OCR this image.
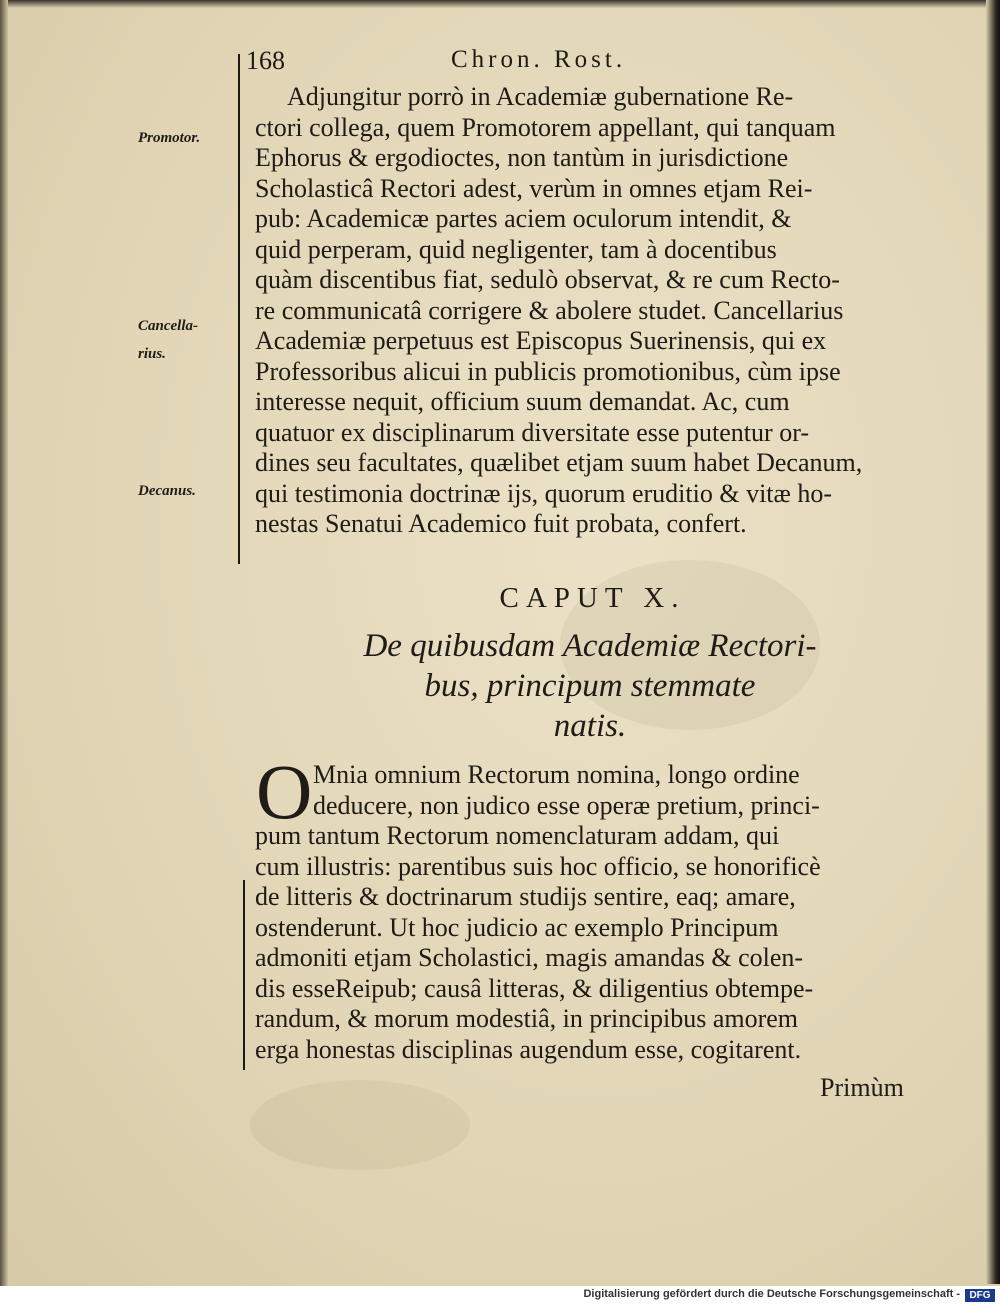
168	Chron. Rost.
Promotor.
Cancella-
rius.
Decanus.
Adjungitur porrò in Academiæ gubernatione Re-
ctori collega, quem Promotorem appellant, qui tanquam
Ephorus & ergodioctes, non tantùm in jurisdictione
Scholasticâ Rectori adest, verùm in omnes etjam Rei-
pub: Academicæ partes aciem oculorum intendit, &
quid perperam, quid negligenter, tam à docentibus
quàm discentibus fiat, sedulò observat, & re cum Recto-
re communicatâ corrigere & abolere studet. Cancellarius
Academiæ perpetuus est Episcopus Suerinensis, qui ex
Professoribus alicui in publicis promotionibus, cùm ipse
interesse nequit, officium suum demandat. Ac, cum
quatuor ex disciplinarum diversitate esse putentur or-
dines seu facultates, quælibet etjam suum habet Decanum,
qui testimonia doctrinæ ijs, quorum eruditio & vitæ ho-
nestas Senatui Academico fuit probata, confert.
CAPUT X.
De quibusdam Academiæ Rectori-
bus, principum stemmate
natis.
O Mnia omnium Rectorum nomina, longo ordine
deducere, non judico esse operæ pretium, princi-
pum tantum Rectorum nomenclaturam addam, qui
cum illustris: parentibus suis hoc officio, se honorificè
de litteris & doctrinarum studijs sentire, eaq; amare,
ostenderunt. Ut hoc judicio ac exemplo Principum
admoniti etjam Scholastici, magis amandas & colen-
dis esseReipub; causâ litteras, & diligentius obtempe-
randum, & morum modestiâ, in principibus amorem
erga honestas disciplinas augendum esse, cogitarent.
Primùm
Digitalisierung gefördert durch die Deutsche Forschungsgemeinschaft - DFG
